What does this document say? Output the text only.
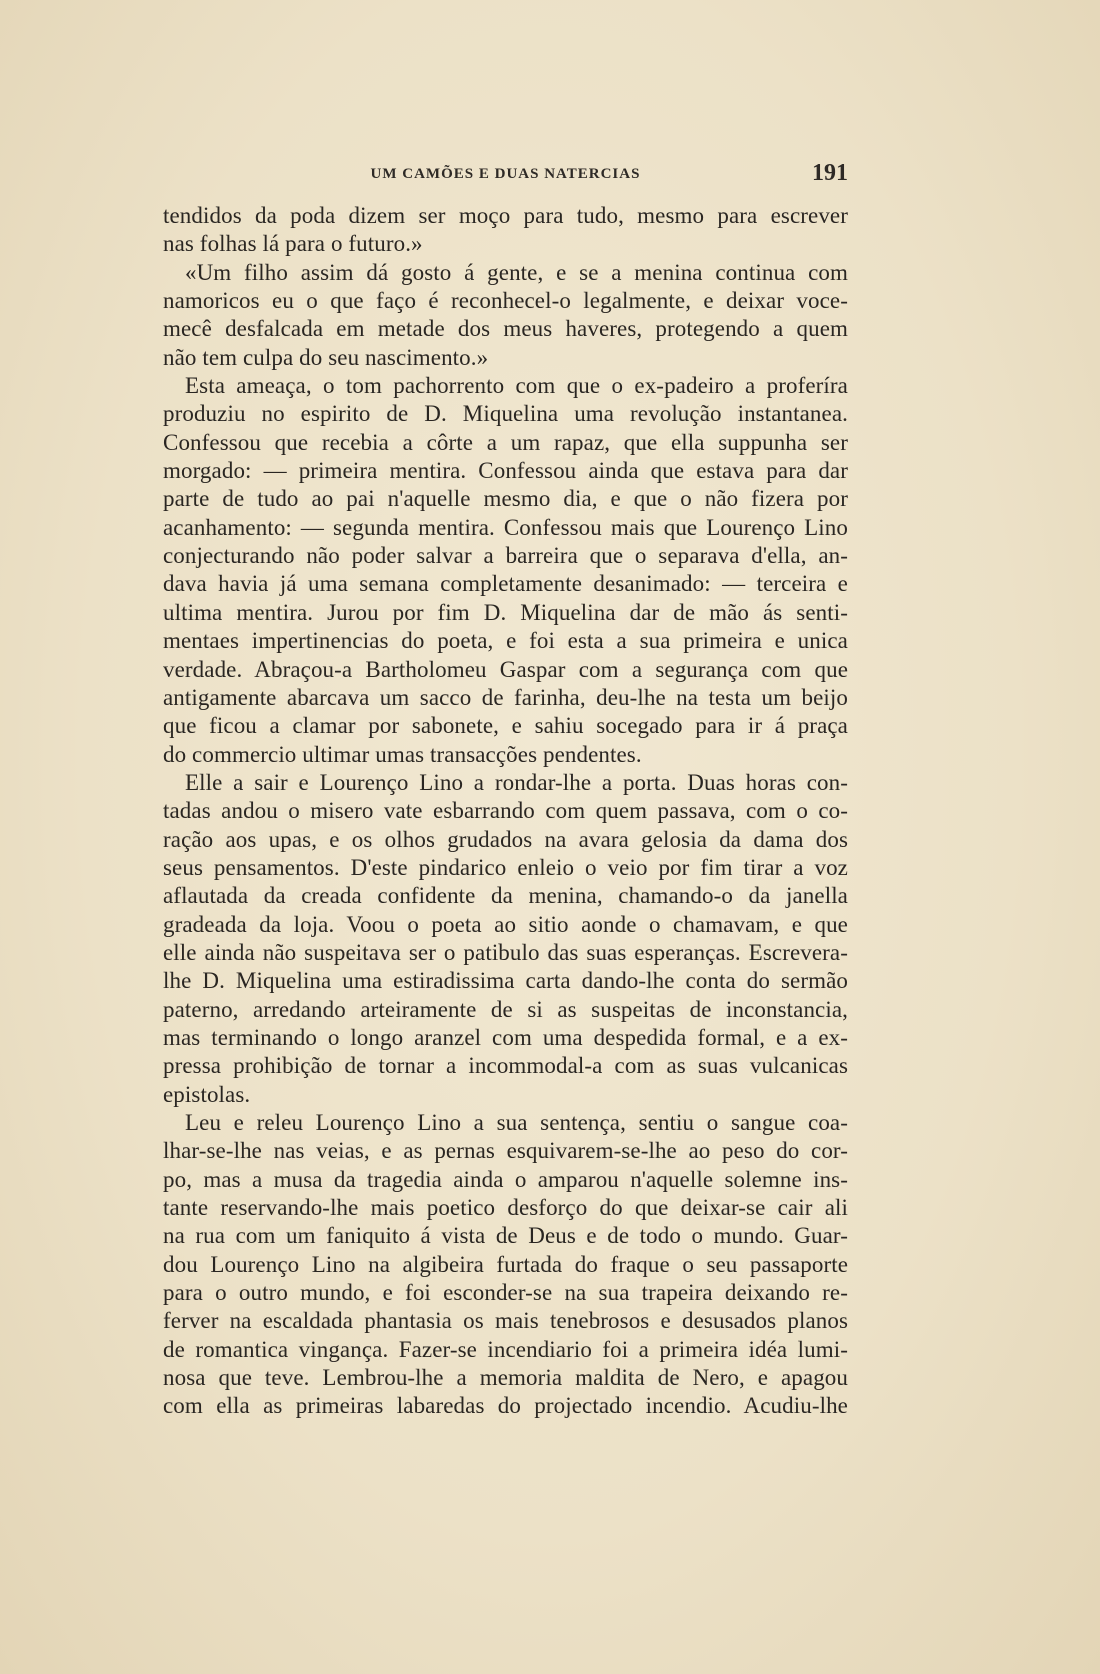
UM CAMÕES E DUAS NATERCIAS	191
tendidos da poda dizem ser moço para tudo, mesmo para escrever
nas folhas lá para o futuro.»
«Um filho assim dá gosto á gente, e se a menina continua com
namoricos eu o que faço é reconhecel-o legalmente, e deixar voce-
mecê desfalcada em metade dos meus haveres, protegendo a quem
não tem culpa do seu nascimento.»
Esta ameaça, o tom pachorrento com que o ex-padeiro a proferíra
produziu no espirito de D. Miquelina uma revolução instantanea.
Confessou que recebia a côrte a um rapaz, que ella suppunha ser
morgado: — primeira mentira. Confessou ainda que estava para dar
parte de tudo ao pai n'aquelle mesmo dia, e que o não fizera por
acanhamento: — segunda mentira. Confessou mais que Lourenço Lino
conjecturando não poder salvar a barreira que o separava d'ella, an-
dava havia já uma semana completamente desanimado: — terceira e
ultima mentira. Jurou por fim D. Miquelina dar de mão ás senti-
mentaes impertinencias do poeta, e foi esta a sua primeira e unica
verdade. Abraçou-a Bartholomeu Gaspar com a segurança com que
antigamente abarcava um sacco de farinha, deu-lhe na testa um beijo
que ficou a clamar por sabonete, e sahiu socegado para ir á praça
do commercio ultimar umas transacções pendentes.
Elle a sair e Lourenço Lino a rondar-lhe a porta. Duas horas con-
tadas andou o misero vate esbarrando com quem passava, com o co-
ração aos upas, e os olhos grudados na avara gelosia da dama dos
seus pensamentos. D'este pindarico enleio o veio por fim tirar a voz
aflautada da creada confidente da menina, chamando-o da janella
gradeada da loja. Voou o poeta ao sitio aonde o chamavam, e que
elle ainda não suspeitava ser o patibulo das suas esperanças. Escrevera-
lhe D. Miquelina uma estiradissima carta dando-lhe conta do sermão
paterno, arredando arteiramente de si as suspeitas de inconstancia,
mas terminando o longo aranzel com uma despedida formal, e a ex-
pressa prohibição de tornar a incommodal-a com as suas vulcanicas
epistolas.
Leu e releu Lourenço Lino a sua sentença, sentiu o sangue coa-
lhar-se-lhe nas veias, e as pernas esquivarem-se-lhe ao peso do cor-
po, mas a musa da tragedia ainda o amparou n'aquelle solemne ins-
tante reservando-lhe mais poetico desforço do que deixar-se cair ali
na rua com um faniquito á vista de Deus e de todo o mundo. Guar-
dou Lourenço Lino na algibeira furtada do fraque o seu passaporte
para o outro mundo, e foi esconder-se na sua trapeira deixando re-
ferver na escaldada phantasia os mais tenebrosos e desusados planos
de romantica vingança. Fazer-se incendiario foi a primeira idéa lumi-
nosa que teve. Lembrou-lhe a memoria maldita de Nero, e apagou
com ella as primeiras labaredas do projectado incendio. Acudiu-lhe
